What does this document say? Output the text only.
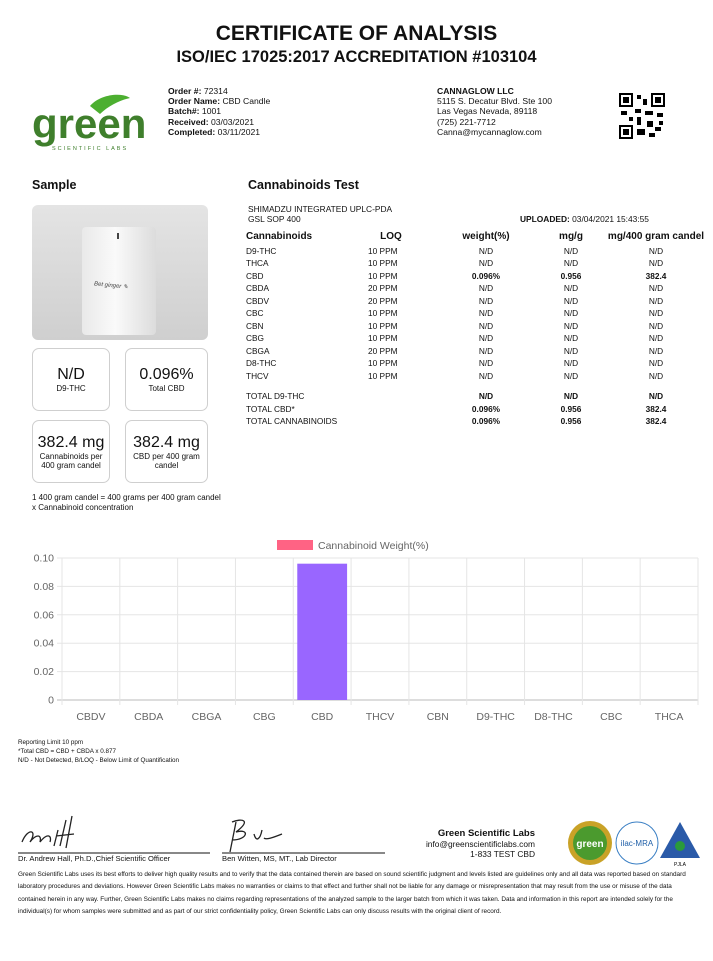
CERTIFICATE OF ANALYSIS
ISO/IEC 17025:2017 ACCREDITATION #103104
green
SCIENTIFIC LABS
Order #: 72314
Order Name: CBD Candle
Batch#: 1001
Received: 03/03/2021
Completed: 03/11/2021
CANNAGLOW LLC
5115 S. Decatur Blvd. Ste 100
Las Vegas Nevada, 89118
(725) 221-7712
Canna@mycannaglow.com
Sample
Bet ginger ✎
N/D
D9-THC
0.096%
Total CBD
382.4 mg
Cannabinoids per 400 gram candel
382.4 mg
CBD per 400 gram candel
1 400 gram candel = 400 grams per 400 gram candel x Cannabinoid concentration
Cannabinoids Test
SHIMADZU INTEGRATED UPLC-PDA
GSL SOP 400	UPLOADED: 03/04/2021 15:43:55
Cannabinoids	LOQ	weight(%)	mg/g	mg/400 gram candel
D9-THC	10 PPM	N/D	N/D	N/D
THCA	10 PPM	N/D	N/D	N/D
CBD	10 PPM	0.096%	0.956	382.4
CBDA	20 PPM	N/D	N/D	N/D
CBDV	20 PPM	N/D	N/D	N/D
CBC	10 PPM	N/D	N/D	N/D
CBN	10 PPM	N/D	N/D	N/D
CBG	10 PPM	N/D	N/D	N/D
CBGA	20 PPM	N/D	N/D	N/D
D8-THC	10 PPM	N/D	N/D	N/D
THCV	10 PPM	N/D	N/D	N/D

TOTAL D9-THC		N/D	N/D	N/D
TOTAL CBD*		0.096%	0.956	382.4
TOTAL CANNABINOIDS		0.096%	0.956	382.4
0
0.02
0.04
0.06
0.08
0.10
CBDV	CBDA	CBGA	CBG	CBD	THCV	CBN	D9-THC D8-THC	CBC	THCA
Cannabinoid Weight(%)
Reporting Limit 10 ppm
*Total CBD = CBD + CBDA x 0.877
N/D - Not Detected, B/LOQ - Below Limit of Quantification
Dr. Andrew Hall, Ph.D.,Chief Scientific Officer	Ben Witten, MS, MT., Lab Director
Green Scientific Labs
info@greenscientificlabs.com
1-833 TEST CBD
green ilac-MRA
PJLA
Green Scientific Labs uses its best efforts to deliver high quality results and to verify that the data contained therein are based on sound scientific judgment and levels listed are guidelines only and all data was reported based on standard laboratory procedures and deviations. However Green Scientific Labs makes no warranties or claims to that effect and further shall not be liable for any damage or misrepresentation that may result from the use or misuse of the data contained herein in any way. Further, Green Scientific Labs makes no claims regarding representations of the analyzed sample to the larger batch from which it was taken. Data and information in this report are intended solely for the individual(s) for whom samples were submitted and as part of our strict confidentiality policy, Green Scientific Labs can only discuss results with the original client of record.
